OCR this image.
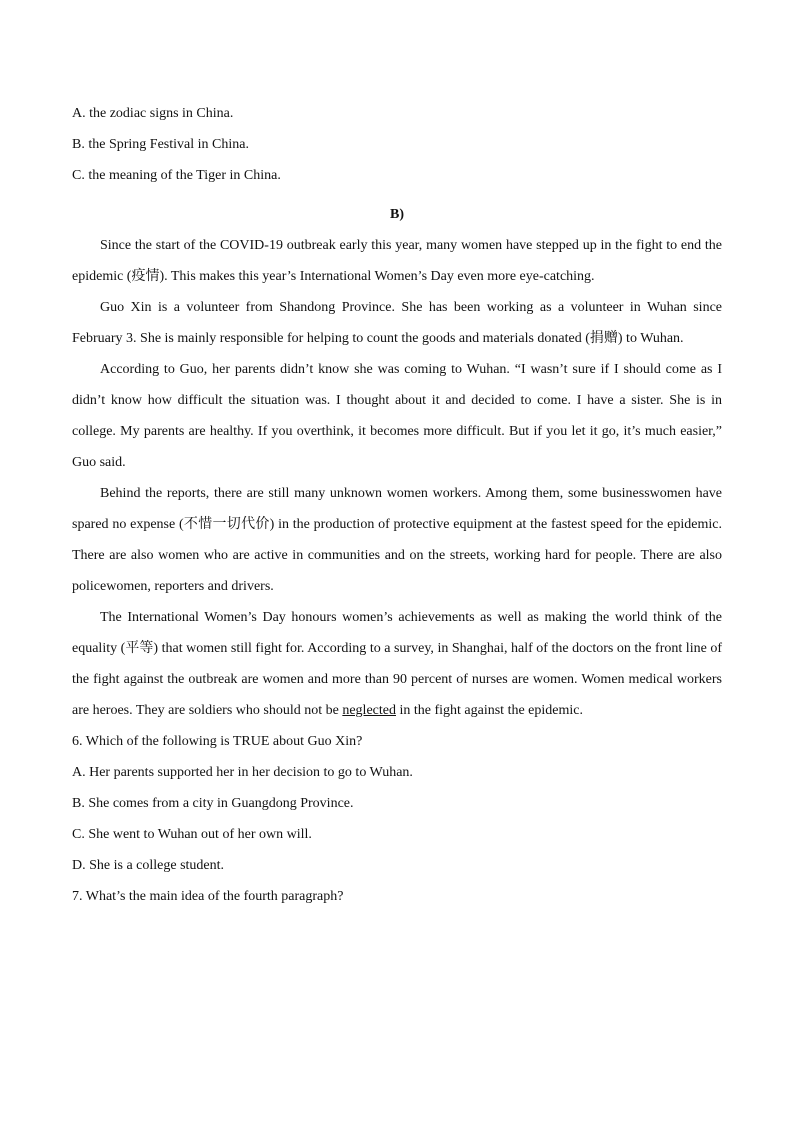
A. the zodiac signs in China.
B. the Spring Festival in China.
C. the meaning of the Tiger in China.
B)
Since the start of the COVID-19 outbreak early this year, many women have stepped up in the fight to end the epidemic (疫情). This makes this year’s International Women’s Day even more eye-catching.
Guo Xin is a volunteer from Shandong Province. She has been working as a volunteer in Wuhan since February 3. She is mainly responsible for helping to count the goods and materials donated (捐赠) to Wuhan.
According to Guo, her parents didn’t know she was coming to Wuhan. “I wasn’t sure if I should come as I didn’t know how difficult the situation was. I thought about it and decided to come. I have a sister. She is in college. My parents are healthy. If you overthink, it becomes more difficult. But if you let it go, it’s much easier,” Guo said.
Behind the reports, there are still many unknown women workers. Among them, some businesswomen have spared no expense (不惜一切代价) in the production of protective equipment at the fastest speed for the epidemic. There are also women who are active in communities and on the streets, working hard for people. There are also policewomen, reporters and drivers.
The International Women’s Day honours women’s achievements as well as making the world think of the equality (平等) that women still fight for. According to a survey, in Shanghai, half of the doctors on the front line of the fight against the outbreak are women and more than 90 percent of nurses are women. Women medical workers are heroes. They are soldiers who should not be neglected in the fight against the epidemic.
6. Which of the following is TRUE about Guo Xin?
A. Her parents supported her in her decision to go to Wuhan.
B. She comes from a city in Guangdong Province.
C. She went to Wuhan out of her own will.
D. She is a college student.
7. What’s the main idea of the fourth paragraph?
